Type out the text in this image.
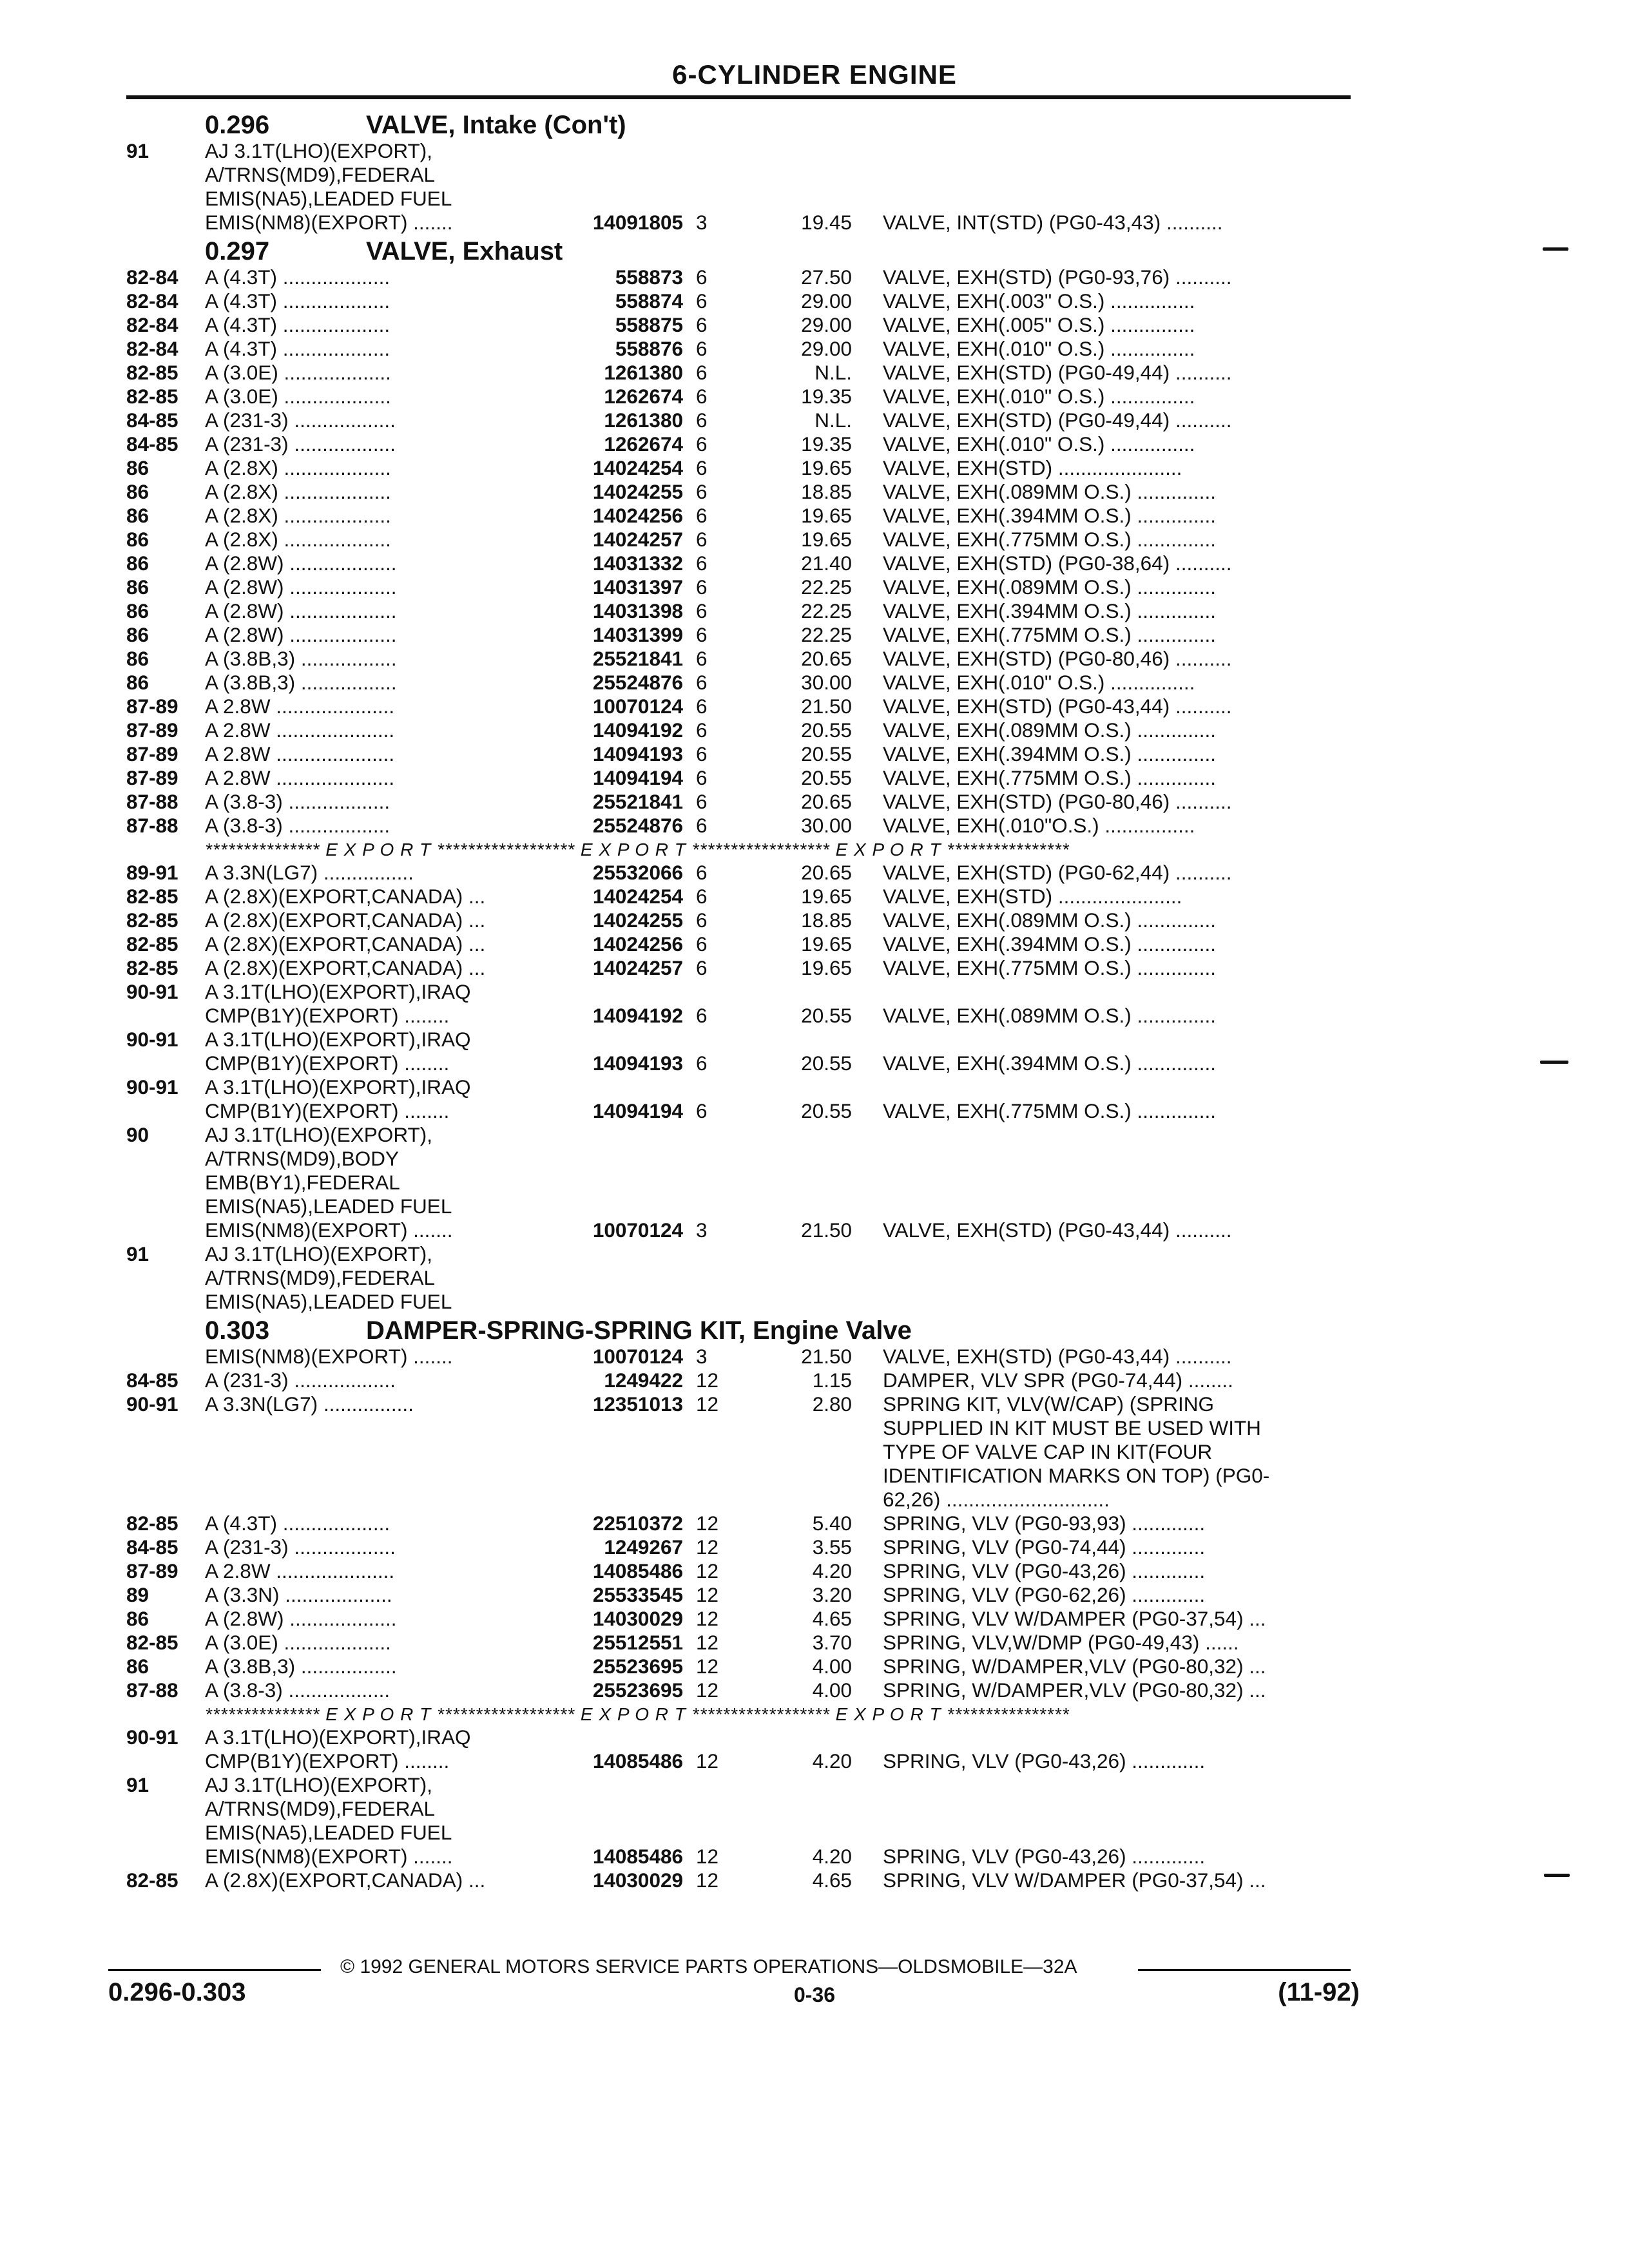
6-CYLINDER ENGINE
0.296	VALVE, Intake (Con't)
91	AJ 3.1T(LHO)(EXPORT),
A/TRNS(MD9),FEDERAL
EMIS(NA5),LEADED FUEL
EMIS(NM8)(EXPORT) .......	14091805 3	19.45 VALVE, INT(STD) (PG0-43,43) ..........
0.297	VALVE, Exhaust
82-84 A (4.3T) ...................	558873 6	27.50 VALVE, EXH(STD) (PG0-93,76) ..........
82-84 A (4.3T) ...................	558874 6	29.00 VALVE, EXH(.003" O.S.) ...............
82-84 A (4.3T) ...................	558875 6	29.00 VALVE, EXH(.005" O.S.) ...............
82-84 A (4.3T) ...................	558876 6	29.00 VALVE, EXH(.010" O.S.) ...............
82-85 A (3.0E) ...................	1261380 6	N.L. VALVE, EXH(STD) (PG0-49,44) ..........
82-85 A (3.0E) ...................	1262674 6	19.35 VALVE, EXH(.010" O.S.) ...............
84-85 A (231-3) ..................	1261380 6	N.L. VALVE, EXH(STD) (PG0-49,44) ..........
84-85 A (231-3) ..................	1262674 6	19.35 VALVE, EXH(.010" O.S.) ...............
86	A (2.8X) ...................	14024254 6	19.65 VALVE, EXH(STD) ......................
86	A (2.8X) ...................	14024255 6	18.85 VALVE, EXH(.089MM O.S.) ..............
86	A (2.8X) ...................	14024256 6	19.65 VALVE, EXH(.394MM O.S.) ..............
86	A (2.8X) ...................	14024257 6	19.65 VALVE, EXH(.775MM O.S.) ..............
86	A (2.8W) ...................	14031332 6	21.40 VALVE, EXH(STD) (PG0-38,64) ..........
86	A (2.8W) ...................	14031397 6	22.25 VALVE, EXH(.089MM O.S.) ..............
86	A (2.8W) ...................	14031398 6	22.25 VALVE, EXH(.394MM O.S.) ..............
86	A (2.8W) ...................	14031399 6	22.25 VALVE, EXH(.775MM O.S.) ..............
86	A (3.8B,3) .................	25521841 6	20.65 VALVE, EXH(STD) (PG0-80,46) ..........
86	A (3.8B,3) .................	25524876 6	30.00 VALVE, EXH(.010" O.S.) ...............
87-89 A 2.8W .....................	10070124 6	21.50 VALVE, EXH(STD) (PG0-43,44) ..........
87-89 A 2.8W .....................	14094192 6	20.55 VALVE, EXH(.089MM O.S.) ..............
87-89 A 2.8W .....................	14094193 6	20.55 VALVE, EXH(.394MM O.S.) ..............
87-89 A 2.8W .....................	14094194 6	20.55 VALVE, EXH(.775MM O.S.) ..............
87-88 A (3.8-3) ..................	25521841 6	20.65 VALVE, EXH(STD) (PG0-80,46) ..........
87-88 A (3.8-3) ..................	25524876 6	30.00 VALVE, EXH(.010"O.S.) ................
*************** E X P O R T ****************** E X P O R T ****************** E X P O R T ****************
89-91 A 3.3N(LG7) ................	25532066 6	20.65 VALVE, EXH(STD) (PG0-62,44) ..........
82-85 A (2.8X)(EXPORT,CANADA) ...	14024254 6	19.65 VALVE, EXH(STD) ......................
82-85 A (2.8X)(EXPORT,CANADA) ...	14024255 6	18.85 VALVE, EXH(.089MM O.S.) ..............
82-85 A (2.8X)(EXPORT,CANADA) ...	14024256 6	19.65 VALVE, EXH(.394MM O.S.) ..............
82-85 A (2.8X)(EXPORT,CANADA) ...	14024257 6	19.65 VALVE, EXH(.775MM O.S.) ..............
90-91 A 3.1T(LHO)(EXPORT),IRAQ
CMP(B1Y)(EXPORT) ........	14094192 6	20.55 VALVE, EXH(.089MM O.S.) ..............
90-91 A 3.1T(LHO)(EXPORT),IRAQ
CMP(B1Y)(EXPORT) ........	14094193 6	20.55 VALVE, EXH(.394MM O.S.) ..............
90-91 A 3.1T(LHO)(EXPORT),IRAQ
CMP(B1Y)(EXPORT) ........	14094194 6	20.55 VALVE, EXH(.775MM O.S.) ..............
90	AJ 3.1T(LHO)(EXPORT),
A/TRNS(MD9),BODY
EMB(BY1),FEDERAL
EMIS(NA5),LEADED FUEL
EMIS(NM8)(EXPORT) .......	10070124 3	21.50 VALVE, EXH(STD) (PG0-43,44) ..........
91	AJ 3.1T(LHO)(EXPORT),
A/TRNS(MD9),FEDERAL
EMIS(NA5),LEADED FUEL
0.303	DAMPER-SPRING-SPRING KIT, Engine Valve
EMIS(NM8)(EXPORT) .......	10070124 3	21.50 VALVE, EXH(STD) (PG0-43,44) ..........
84-85 A (231-3) ..................	1249422 12	1.15 DAMPER, VLV SPR (PG0-74,44) ........
90-91 A 3.3N(LG7) ................	12351013 12	2.80 SPRING KIT, VLV(W/CAP) (SPRING
SUPPLIED IN KIT MUST BE USED WITH
TYPE OF VALVE CAP IN KIT(FOUR
IDENTIFICATION MARKS ON TOP) (PG0-
62,26) .............................
82-85 A (4.3T) ...................	22510372 12	5.40 SPRING, VLV (PG0-93,93) .............
84-85 A (231-3) ..................	1249267 12	3.55 SPRING, VLV (PG0-74,44) .............
87-89 A 2.8W .....................	14085486 12	4.20 SPRING, VLV (PG0-43,26) .............
89	A (3.3N) ...................	25533545 12	3.20 SPRING, VLV (PG0-62,26) .............
86	A (2.8W) ...................	14030029 12	4.65 SPRING, VLV W/DAMPER (PG0-37,54) ...
82-85 A (3.0E) ...................	25512551 12	3.70 SPRING, VLV,W/DMP (PG0-49,43) ......
86	A (3.8B,3) .................	25523695 12	4.00 SPRING, W/DAMPER,VLV (PG0-80,32) ...
87-88 A (3.8-3) ..................	25523695 12	4.00 SPRING, W/DAMPER,VLV (PG0-80,32) ...
*************** E X P O R T ****************** E X P O R T ****************** E X P O R T ****************
90-91 A 3.1T(LHO)(EXPORT),IRAQ
CMP(B1Y)(EXPORT) ........	14085486 12	4.20 SPRING, VLV (PG0-43,26) .............
91	AJ 3.1T(LHO)(EXPORT),
A/TRNS(MD9),FEDERAL
EMIS(NA5),LEADED FUEL
EMIS(NM8)(EXPORT) .......	14085486 12	4.20 SPRING, VLV (PG0-43,26) .............
82-85 A (2.8X)(EXPORT,CANADA) ...	14030029 12	4.65 SPRING, VLV W/DAMPER (PG0-37,54) ...
© 1992 GENERAL MOTORS SERVICE PARTS OPERATIONS—OLDSMOBILE—32A
0.296-0.303	0-36	(11-92)
